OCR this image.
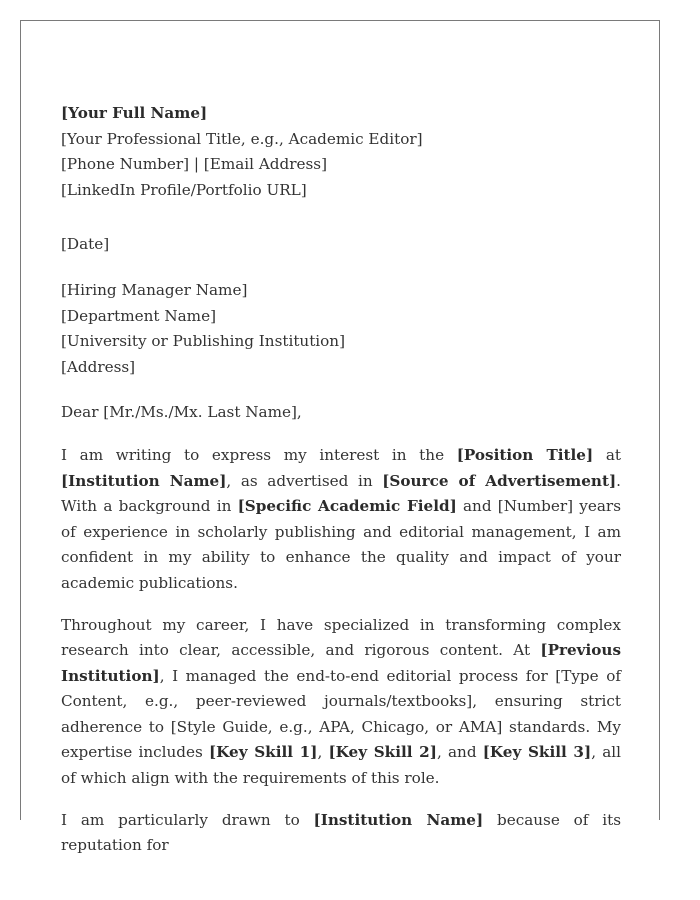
[Your Full Name]
[Your Professional Title, e.g., Academic Editor]
[Phone Number] | [Email Address]
[LinkedIn Profile/Portfolio URL]
[Date]
[Hiring Manager Name]
[Department Name]
[University or Publishing Institution]
[Address]
Dear [Mr./Ms./Mx. Last Name],

I am writing to express my interest in the [Position Title] at [Institution Name], as advertised in [Source of Advertisement]. With a background in [Specific Academic Field] and [Number] years of experience in scholarly publishing and editorial management, I am confident in my ability to enhance the quality and impact of your academic publications.

Throughout my career, I have specialized in transforming complex research into clear, accessible, and rigorous content. At [Previous Institution], I managed the end-to-end editorial process for [Type of Content, e.g., peer-reviewed journals/textbooks], ensuring strict adherence to [Style Guide, e.g., APA, Chicago, or AMA] standards. My expertise includes [Key Skill 1], [Key Skill 2], and [Key Skill 3], all of which align with the requirements of this role.

I am particularly drawn to [Institution Name] because of its reputation for
